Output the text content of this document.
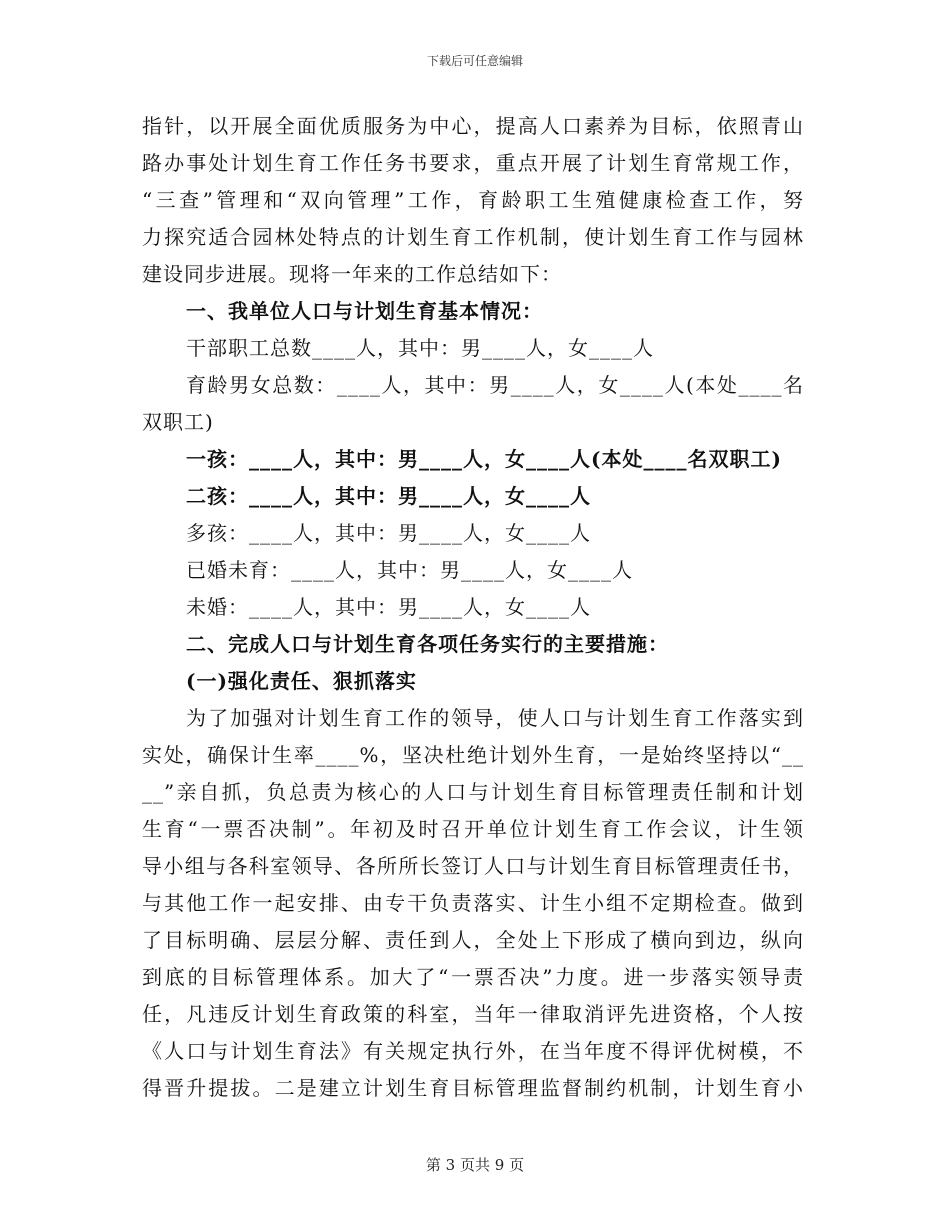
下载后可任意编辑
指针，以开展全面优质服务为中心，提高人口素养为目标，依照青山
路办事处计划生育工作任务书要求，重点开展了计划生育常规工作，
“三查”管理和“双向管理”工作，育龄职工生殖健康检查工作，努
力探究适合园林处特点的计划生育工作机制，使计划生育工作与园林
建设同步进展。现将一年来的工作总结如下：
一、我单位人口与计划生育基本情况：
干部职工总数____人，其中：男____人，女____人
育龄男女总数：____人，其中：男____人，女____人(本处____名
双职工)
一孩：____人，其中：男____人，女____人(本处____名双职工)
二孩：____人，其中：男____人，女____人
多孩：____人，其中：男____人，女____人
已婚未育：____人，其中：男____人，女____人
未婚：____人，其中：男____人，女____人
二、完成人口与计划生育各项任务实行的主要措施：
(一)强化责任、狠抓落实
为了加强对计划生育工作的领导，使人口与计划生育工作落实到
实处，确保计生率____%，坚决杜绝计划外生育，一是始终坚持以“__
__”亲自抓，负总责为核心的人口与计划生育目标管理责任制和计划
生育“一票否决制”。年初及时召开单位计划生育工作会议，计生领
导小组与各科室领导、各所所长签订人口与计划生育目标管理责任书，
与其他工作一起安排、由专干负责落实、计生小组不定期检查。做到
了目标明确、层层分解、责任到人，全处上下形成了横向到边，纵向
到底的目标管理体系。加大了“一票否决”力度。进一步落实领导责
任，凡违反计划生育政策的科室，当年一律取消评先进资格，个人按
《人口与计划生育法》有关规定执行外，在当年度不得评优树模，不
得晋升提拔。二是建立计划生育目标管理监督制约机制，计划生育小
第 3 页共 9 页
